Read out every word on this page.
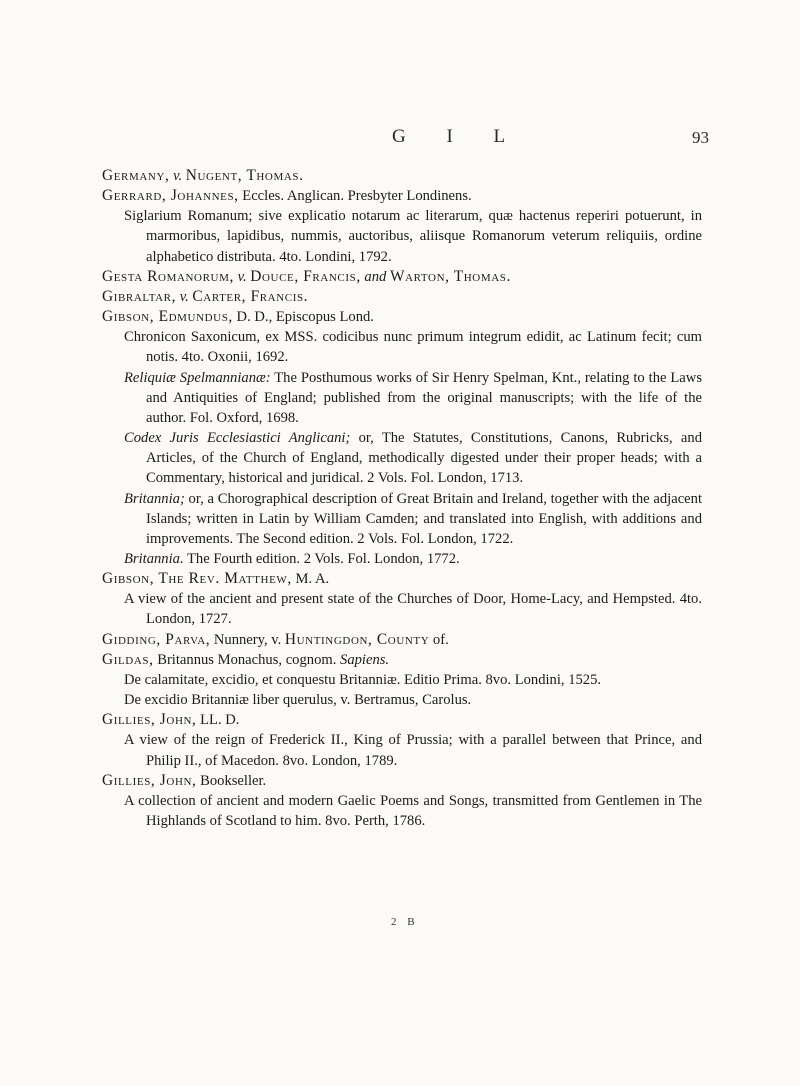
G I L	93

Germany, v. Nugent, Thomas.

Gerrard, Johannes, Eccles. Anglican. Presbyter Londinens.

Siglarium Romanum; sive explicatio notarum ac literarum, quæ hactenus reperiri potuerunt, in marmoribus, lapidibus, nummis, auctoribus, aliisque Romanorum veterum reliquiis, ordine alphabetico distributa. 4to. Londini, 1792.

Gesta Romanorum, v. Douce, Francis, and Warton, Thomas.

Gibraltar, v. Carter, Francis.

Gibson, Edmundus, D. D., Episcopus Lond.

Chronicon Saxonicum, ex MSS. codicibus nunc primum integrum edidit, ac Latinum fecit; cum notis. 4to. Oxonii, 1692.

Reliquiæ Spelmannianæ: The Posthumous works of Sir Henry Spelman, Knt., relating to the Laws and Antiquities of England; published from the original manuscripts; with the life of the author. Fol. Oxford, 1698.

Codex Juris Ecclesiastici Anglicani; or, The Statutes, Constitutions, Canons, Rubricks, and Articles, of the Church of England, methodically digested under their proper heads; with a Commentary, historical and juridical. 2 Vols. Fol. London, 1713.

Britannia; or, a Chorographical description of Great Britain and Ireland, together with the adjacent Islands; written in Latin by William Camden; and translated into English, with additions and improvements. The Second edition. 2 Vols. Fol. London, 1722.

Britannia. The Fourth edition. 2 Vols. Fol. London, 1772.

Gibson, The Rev. Matthew, M. A.

A view of the ancient and present state of the Churches of Door, Home-Lacy, and Hempsted. 4to. London, 1727.

Gidding, Parva, Nunnery, v. Huntingdon, County of.

Gildas, Britannus Monachus, cognom. Sapiens.

De calamitate, excidio, et conquestu Britanniæ. Editio Prima. 8vo. Londini, 1525.

De excidio Britanniæ liber querulus, v. Bertramus, Carolus.

Gillies, John, LL. D.

A view of the reign of Frederick II., King of Prussia; with a parallel between that Prince, and Philip II., of Macedon. 8vo. London, 1789.

Gillies, John, Bookseller.

A collection of ancient and modern Gaelic Poems and Songs, transmitted from Gentlemen in The Highlands of Scotland to him. 8vo. Perth, 1786.

2 B
